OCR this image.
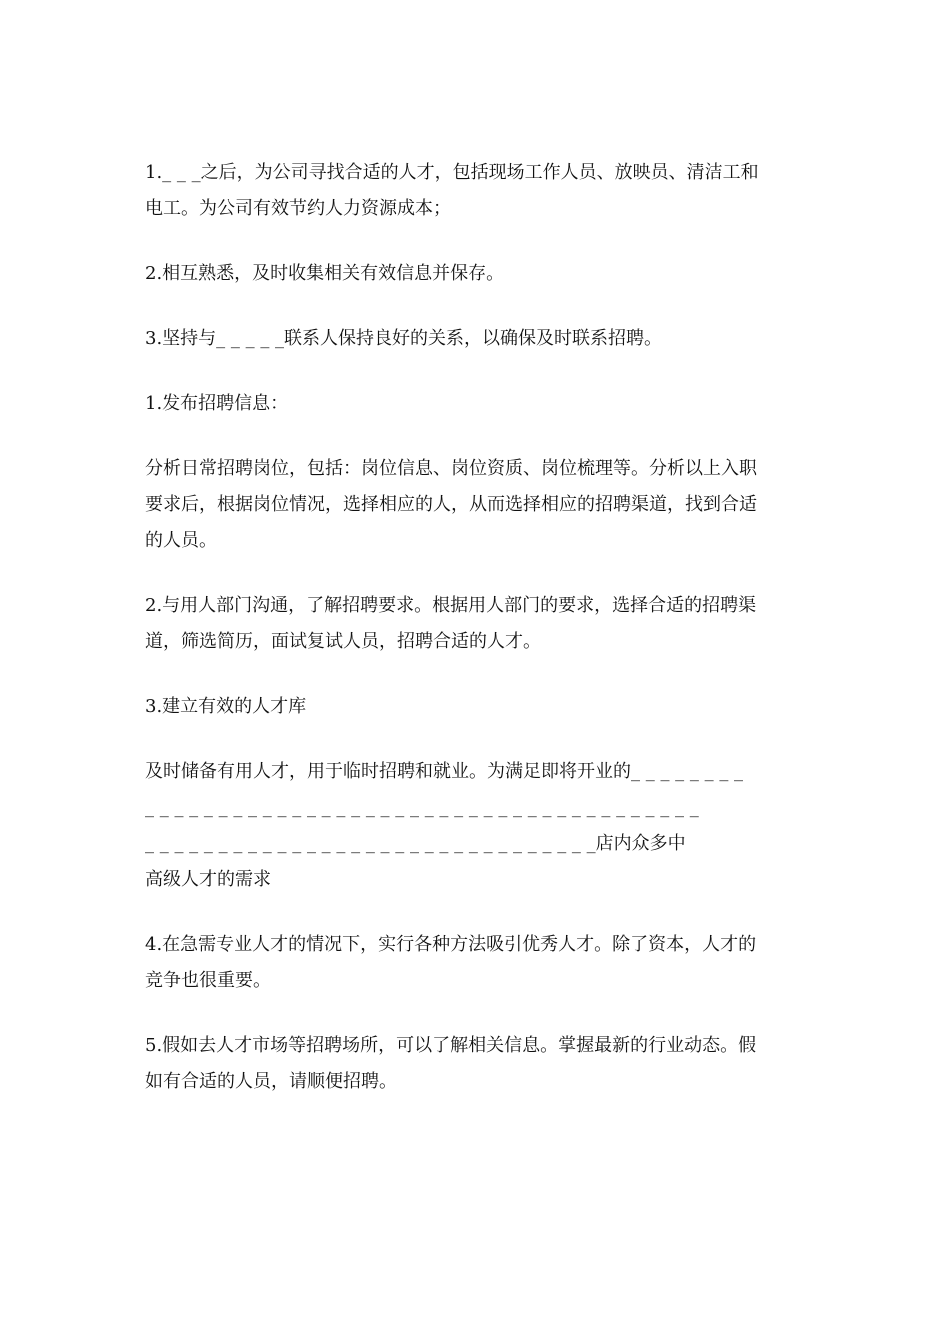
1._ _ _之后，为公司寻找合适的人才，包括现场工作人员、放映员、清洁工和
电工。为公司有效节约人力资源成本；

2.相互熟悉，及时收集相关有效信息并保存。

3.坚持与_ _ _ _ _联系人保持良好的关系，以确保及时联系招聘。

1.发布招聘信息：

分析日常招聘岗位，包括：岗位信息、岗位资质、岗位梳理等。分析以上入职
要求后，根据岗位情况，选择相应的人，从而选择相应的招聘渠道，找到合适
的人员。

2.与用人部门沟通，了解招聘要求。根据用人部门的要求，选择合适的招聘渠
道，筛选简历，面试复试人员，招聘合适的人才。

3.建立有效的人才库

及时储备有用人才，用于临时招聘和就业。为满足即将开业的_ _ _ _ _ _ _ _
_ _ _ _ _ _ _ _ _ _ _ _ _ _ _ _ _ _ _ _ _ _ _ _ _ _ _ _ _ _ _ _ _ _ _ _ _ _
_ _ _ _ _ _ _ _ _ _ _ _ _ _ _ _ _ _ _ _ _ _ _ _ _ _ _ _ _ _ _店内众多中
高级人才的需求

4.在急需专业人才的情况下，实行各种方法吸引优秀人才。除了资本，人才的
竞争也很重要。

5.假如去人才市场等招聘场所，可以了解相关信息。掌握最新的行业动态。假
如有合适的人员，请顺便招聘。
